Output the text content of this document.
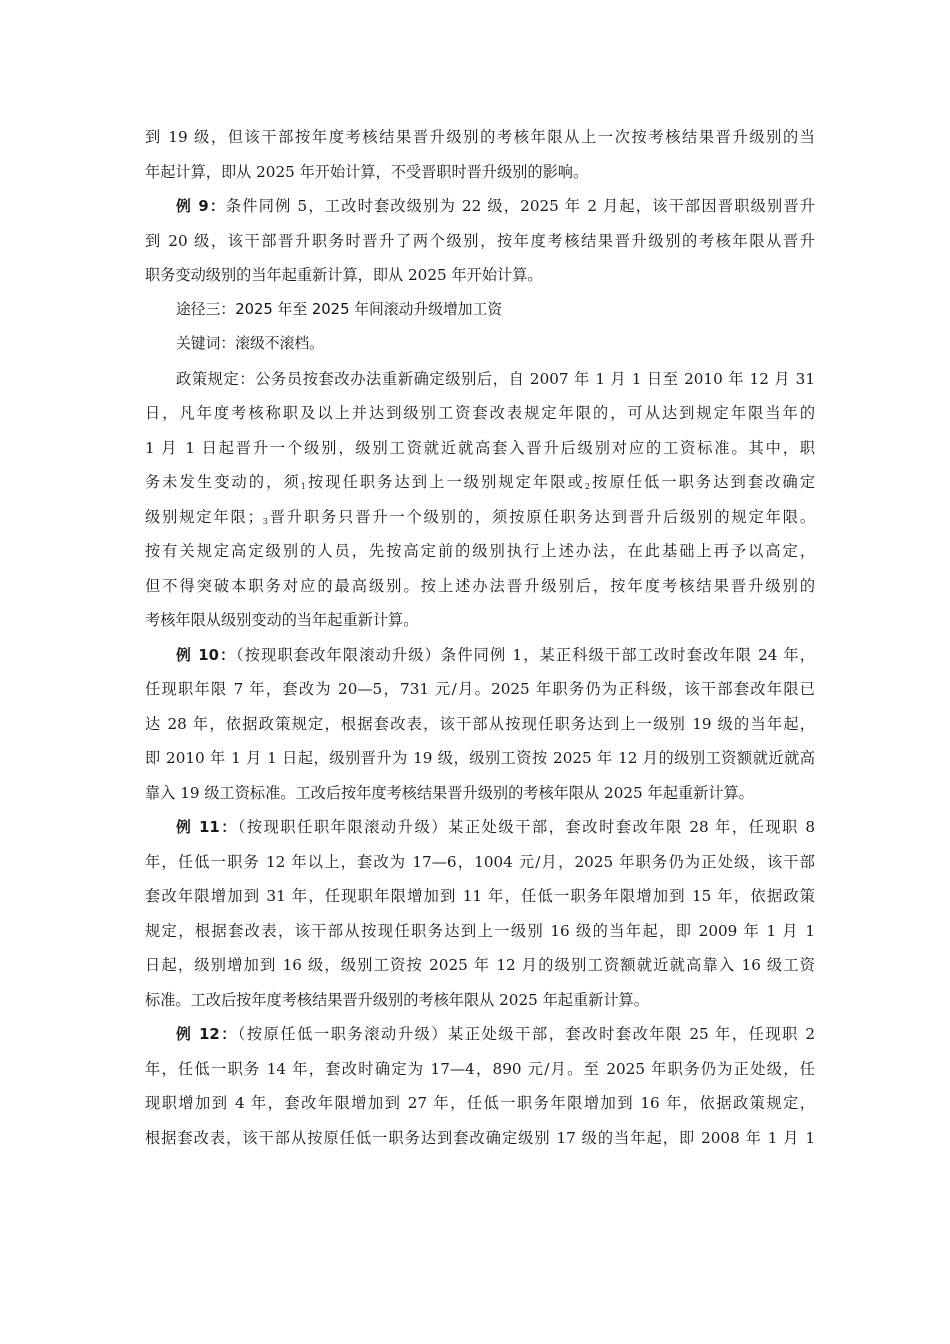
到 19 级，但该干部按年度考核结果晋升级别的考核年限从上一次按考核结果晋升级别的当
年起计算，即从 2025 年开始计算，不受晋职时晋升级别的影响。
例 9：条件同例 5，工改时套改级别为 22 级，2025 年 2 月起，该干部因晋职级别晋升
到 20 级，该干部晋升职务时晋升了两个级别，按年度考核结果晋升级别的考核年限从晋升
职务变动级别的当年起重新计算，即从 2025 年开始计算。
途径三：2025 年至 2025 年间滚动升级增加工资
关键词：滚级不滚档。
政策规定：公务员按套改办法重新确定级别后，自 2007 年 1 月 1 日至 2010 年 12 月 31
日，凡年度考核称职及以上并达到级别工资套改表规定年限的，可从达到规定年限当年的
1 月 1 日起晋升一个级别，级别工资就近就高套入晋升后级别对应的工资标准。其中，职
务未发生变动的，须$_1$按现任职务达到上一级别规定年限或$_2$按原任低一职务达到套改确定
级别规定年限；$_3$晋升职务只晋升一个级别的，须按原任职务达到晋升后级别的规定年限。
按有关规定高定级别的人员，先按高定前的级别执行上述办法，在此基础上再予以高定，
但不得突破本职务对应的最高级别。按上述办法晋升级别后，按年度考核结果晋升级别的
考核年限从级别变动的当年起重新计算。
例 10：（按现职套改年限滚动升级）条件同例 1，某正科级干部工改时套改年限 24 年，
任现职年限 7 年，套改为 20—5，731 元/月。2025 年职务仍为正科级，该干部套改年限已
达 28 年，依据政策规定，根据套改表，该干部从按现任职务达到上一级别 19 级的当年起，
即 2010 年 1 月 1 日起，级别晋升为 19 级，级别工资按 2025 年 12 月的级别工资额就近就高
靠入 19 级工资标准。工改后按年度考核结果晋升级别的考核年限从 2025 年起重新计算。
例 11：（按现职任职年限滚动升级）某正处级干部，套改时套改年限 28 年，任现职 8
年，任低一职务 12 年以上，套改为 17—6，1004 元/月，2025 年职务仍为正处级，该干部
套改年限增加到 31 年，任现职年限增加到 11 年，任低一职务年限增加到 15 年，依据政策
规定，根据套改表，该干部从按现任职务达到上一级别 16 级的当年起，即 2009 年 1 月 1
日起，级别增加到 16 级，级别工资按 2025 年 12 月的级别工资额就近就高靠入 16 级工资
标准。工改后按年度考核结果晋升级别的考核年限从 2025 年起重新计算。
例 12：（按原任低一职务滚动升级）某正处级干部，套改时套改年限 25 年，任现职 2
年，任低一职务 14 年，套改时确定为 17—4，890 元/月。至 2025 年职务仍为正处级，任
现职增加到 4 年，套改年限增加到 27 年，任低一职务年限增加到 16 年，依据政策规定，
根据套改表，该干部从按原任低一职务达到套改确定级别 17 级的当年起，即 2008 年 1 月 1
